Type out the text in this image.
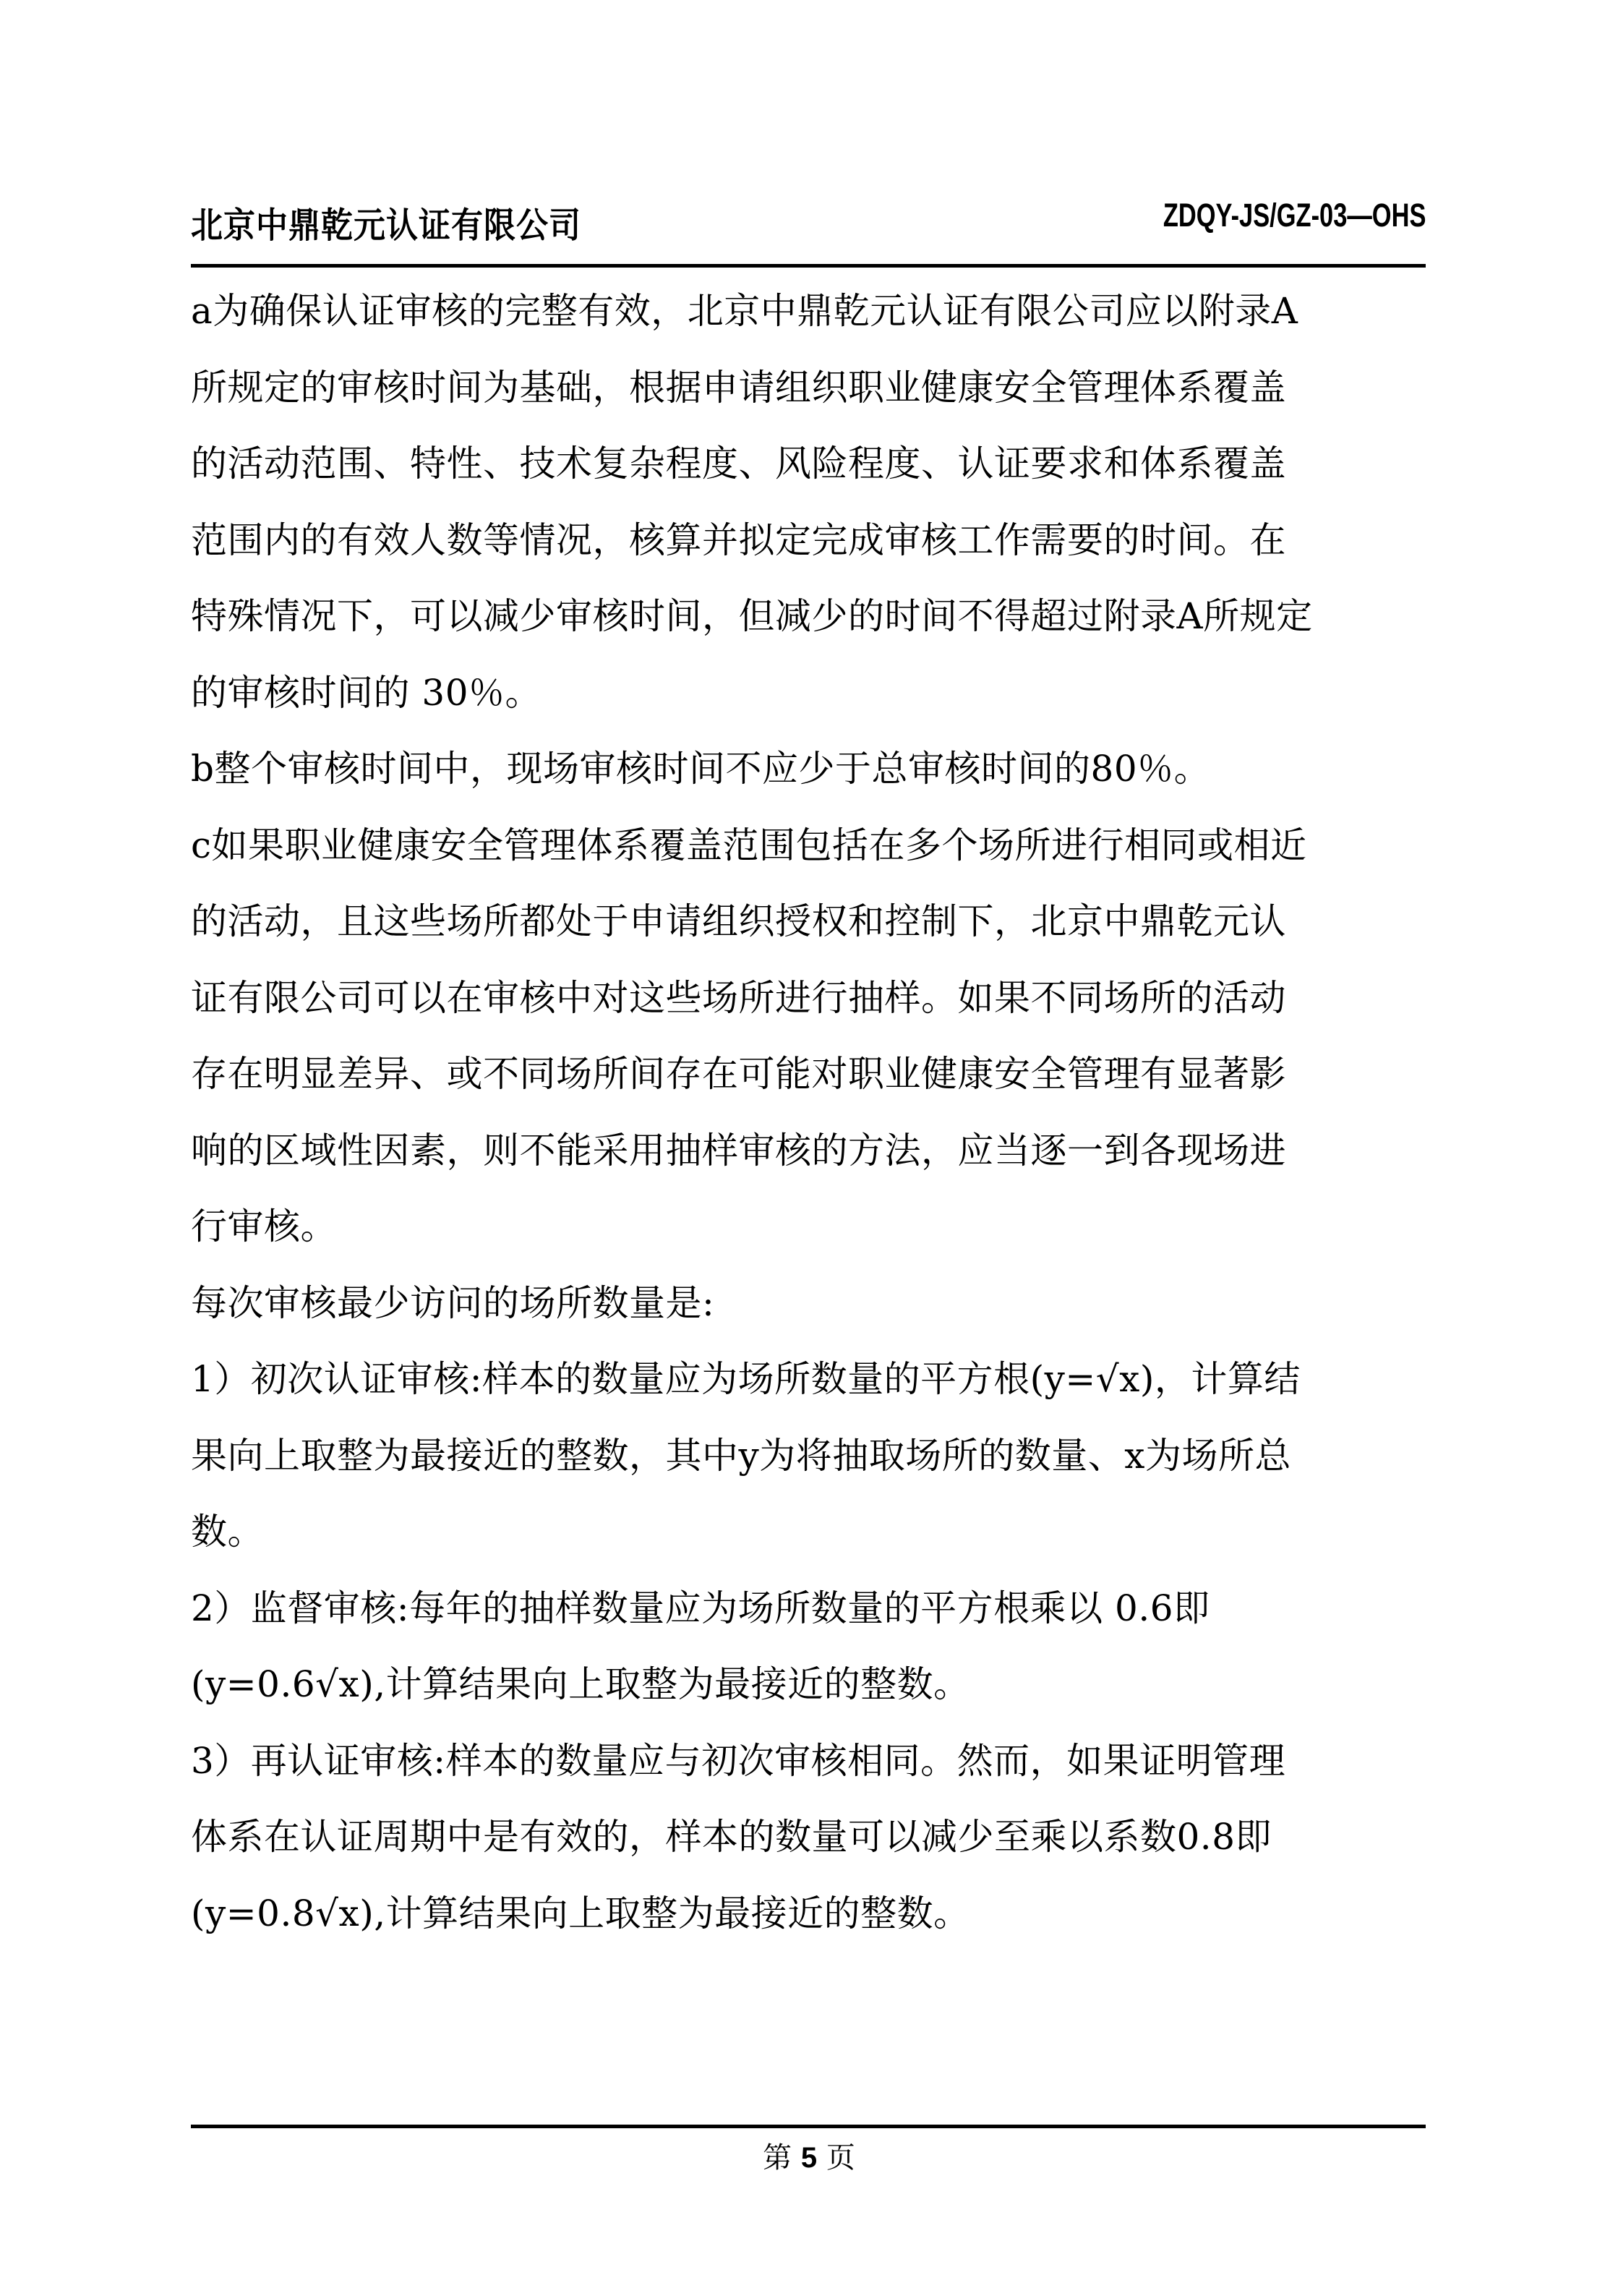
北京中鼎乾元认证有限公司	ZDQY-JS/GZ-03—OHS
a为确保认证审核的完整有效，北京中鼎乾元认证有限公司应以附录A
所规定的审核时间为基础，根据申请组织职业健康安全管理体系覆盖
的活动范围、特性、技术复杂程度、风险程度、认证要求和体系覆盖
范围内的有效人数等情况，核算并拟定完成审核工作需要的时间。在
特殊情况下，可以减少审核时间，但减少的时间不得超过附录A所规定
的审核时间的 30％。
b整个审核时间中，现场审核时间不应少于总审核时间的80％。
c如果职业健康安全管理体系覆盖范围包括在多个场所进行相同或相近
的活动，且这些场所都处于申请组织授权和控制下，北京中鼎乾元认
证有限公司可以在审核中对这些场所进行抽样。如果不同场所的活动
存在明显差异、或不同场所间存在可能对职业健康安全管理有显著影
响的区域性因素，则不能采用抽样审核的方法，应当逐一到各现场进
行审核。
每次审核最少访问的场所数量是:
1）初次认证审核:样本的数量应为场所数量的平方根(y=√x)，计算结
果向上取整为最接近的整数，其中y为将抽取场所的数量、x为场所总
数。
2）监督审核:每年的抽样数量应为场所数量的平方根乘以 0.6即
(y=0.6√x),计算结果向上取整为最接近的整数。
3）再认证审核:样本的数量应与初次审核相同。然而，如果证明管理
体系在认证周期中是有效的，样本的数量可以减少至乘以系数0.8即
(y=0.8√x),计算结果向上取整为最接近的整数。
第 5 页
